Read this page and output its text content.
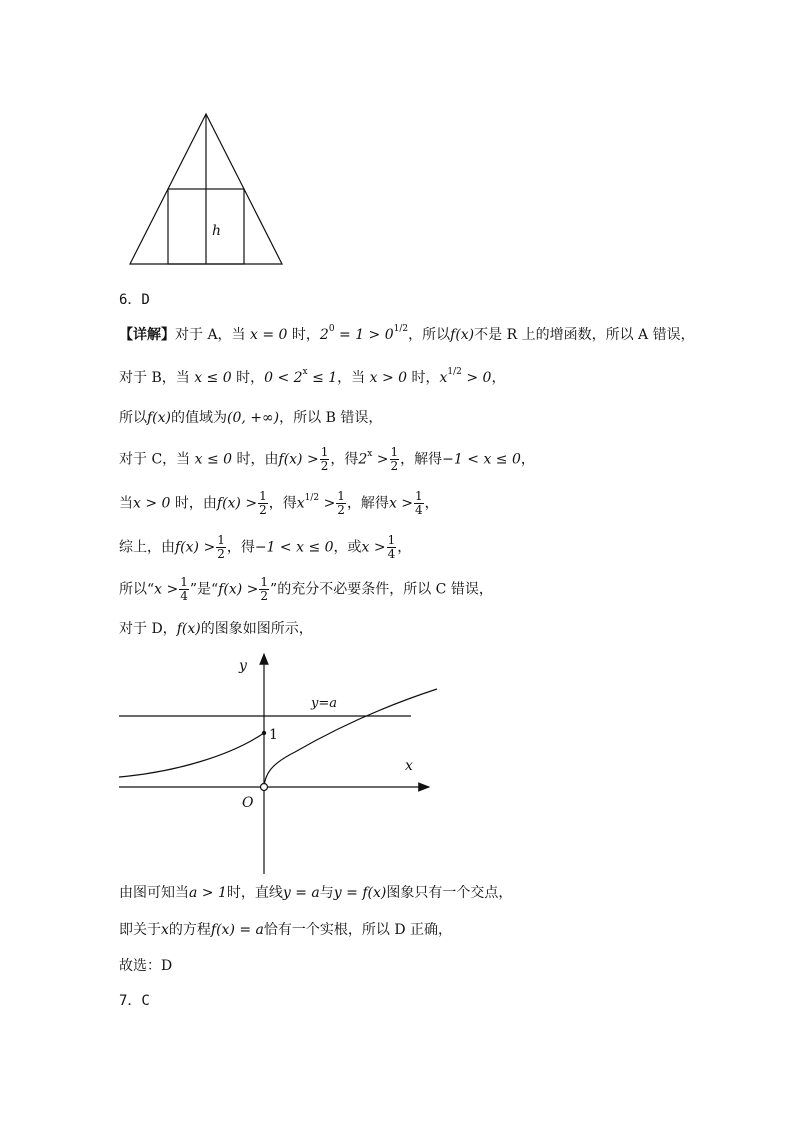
h
6．D
【详解】对于 A，当 x = 0 时，$2^0 = 1 > 0^{1/2}$，所以f(x)不是 R 上的增函数，所以 A 错误，
对于 B，当 x ≤ 0 时，$0 < 2^x \le 1$，当 x > 0 时，$x^{1/2} > 0$，
所以f(x)的值域为(0, +∞)，所以 B 错误，
对于 C，当 x ≤ 0 时，由$f(x) > \frac{1}{2}$ ，得$2^x > \frac{1}{2}$ ，解得−1 < x ≤ 0，
当x > 0 时，由$f(x) > \frac{1}{2}$ ，得$x^{1/2} > \frac{1}{2}$ ，解得$x > \frac{1}{4}$ ，
综上，由$f(x) > \frac{1}{2}$ ，得−1 < x ≤ 0，或$x > \frac{1}{4}$ ，
所以“$x > \frac{1}{4}$ ”是“$f(x) > \frac{1}{2}$ ”的充分不必要条件，所以 C 错误，
对于 D，f(x)的图象如图所示，
y
x
O
1
y=a
由图可知当a > 1时，直线y = a与y = f(x)图象只有一个交点，
即关于x的方程f(x) = a恰有一个实根，所以 D 正确，
故选：D
7．C
